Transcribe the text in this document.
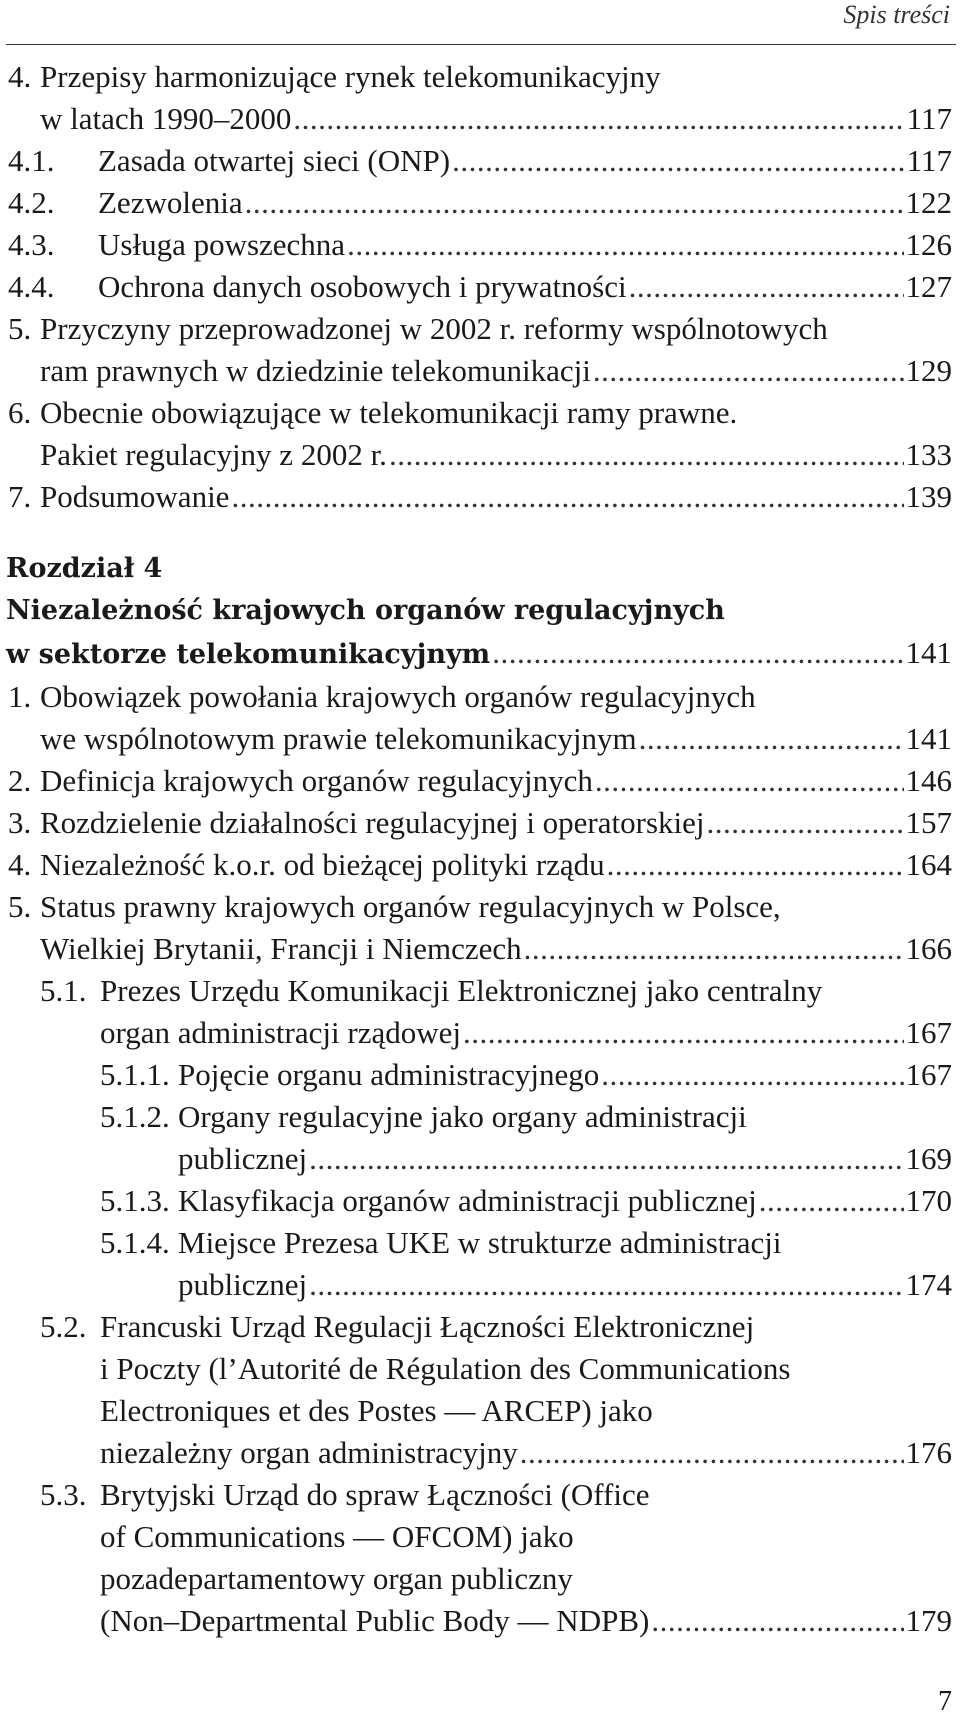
Spis treści
4. Przepisy harmonizujące rynek telekomunikacyjny
w latach 1990–2000 .....	117
4.1. Zasada otwartej sieci (ONP) .....	117
4.2. Zezwolenia .....	122
4.3. Usługa powszechna .....	126
4.4. Ochrona danych osobowych i prywatności .....	127
5. Przyczyny przeprowadzonej w 2002 r. reformy wspólnotowych
ram prawnych w dziedzinie telekomunikacji .....	129
6. Obecnie obowiązujące w telekomunikacji ramy prawne.
Pakiet regulacyjny z 2002 r. .....	133
7. Podsumowanie .....	139
Rozdział 4
Niezależność krajowych organów regulacyjnych
w sektorze telekomunikacyjnym .....	141
1. Obowiązek powołania krajowych organów regulacyjnych
we wspólnotowym prawie telekomunikacyjnym .....	141
2. Definicja krajowych organów regulacyjnych .....	146
3. Rozdzielenie działalności regulacyjnej i operatorskiej .....	157
4. Niezależność k.o.r. od bieżącej polityki rządu .....	164
5. Status prawny krajowych organów regulacyjnych w Polsce,
Wielkiej Brytanii, Francji i Niemczech .....	166
5.1. Prezes Urzędu Komunikacji Elektronicznej jako centralny
organ administracji rządowej .....	167
5.1.1. Pojęcie organu administracyjnego .....	167
5.1.2. Organy regulacyjne jako organy administracji
publicznej .....	169
5.1.3. Klasyfikacja organów administracji publicznej .....	170
5.1.4. Miejsce Prezesa UKE w strukturze administracji
publicznej .....	174
5.2. Francuski Urząd Regulacji Łączności Elektronicznej
i Poczty (l’Autorité de Régulation des Communications
Electroniques et des Postes — ARCEP) jako
niezależny organ administracyjny .....	176
5.3. Brytyjski Urząd do spraw Łączności (Office
of Communications — OFCOM) jako
pozadepartamentowy organ publiczny
(Non–Departmental Public Body — NDPB) .....	179
7
